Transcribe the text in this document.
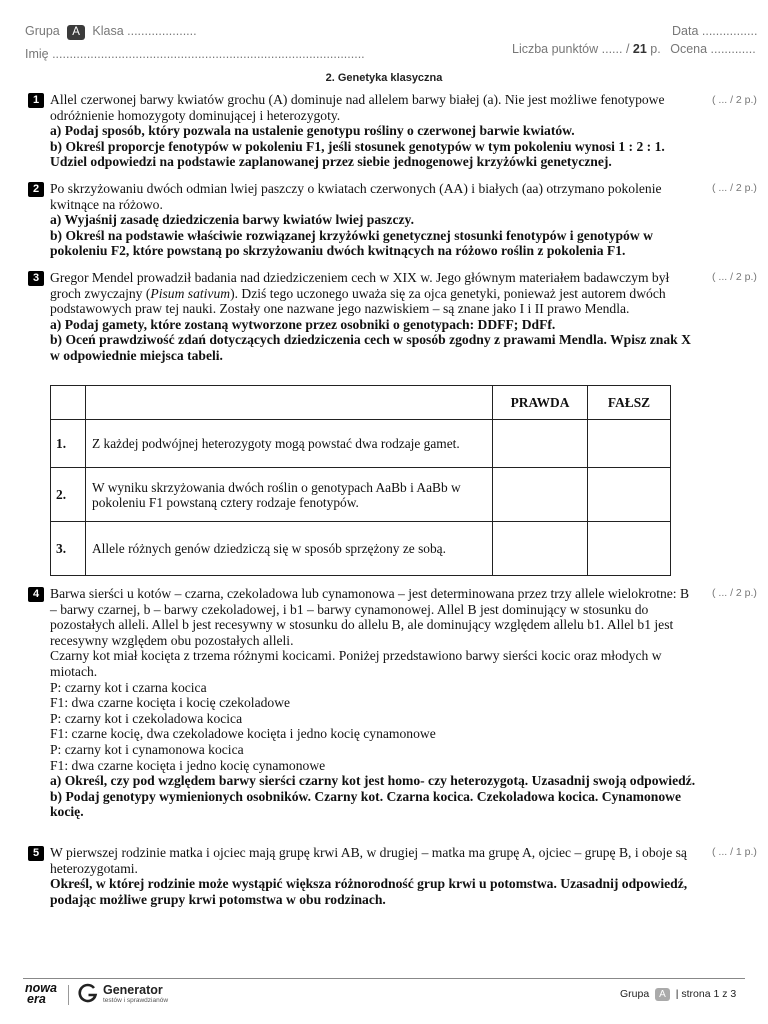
Grupa A Klasa ....................
Imię ..........................................................................................
Data ................
Liczba punktów ...... / 21 p. Ocena .............
2. Genetyka klasyczna
1 Allel czerwonej barwy kwiatów grochu (A) dominuje nad allelem barwy białej (a). Nie jest możliwe fenotypowe odróżnienie homozygoty dominującej i heterozygoty.

a) Podaj sposób, który pozwala na ustalenie genotypu rośliny o czerwonej barwie kwiatów.

b) Określ proporcje fenotypów w pokoleniu F1, jeśli stosunek genotypów w tym pokoleniu wynosi 1 : 2 : 1. Udziel odpowiedzi na podstawie zaplanowanej przez siebie jednogenowej krzyżówki genetycznej.

( ... / 2 p.)
2 Po skrzyżowaniu dwóch odmian lwiej paszczy o kwiatach czerwonych (AA) i białych (aa) otrzymano pokolenie kwitnące na różowo.

a) Wyjaśnij zasadę dziedziczenia barwy kwiatów lwiej paszczy.

b) Określ na podstawie właściwie rozwiązanej krzyżówki genetycznej stosunki fenotypów i genotypów w pokoleniu F2, które powstaną po skrzyżowaniu dwóch kwitnących na różowo roślin z pokolenia F1.

( ... / 2 p.)
3 Gregor Mendel prowadził badania nad dziedziczeniem cech w XIX w. Jego głównym materiałem badawczym był groch zwyczajny (Pisum sativum). Dziś tego uczonego uważa się za ojca genetyki, ponieważ jest autorem dwóch podstawowych praw tej nauki. Zostały one nazwane jego nazwiskiem – są znane jako I i II prawo Mendla.

a) Podaj gamety, które zostaną wytworzone przez osobniki o genotypach: DDFF; DdFf.

b) Oceń prawdziwość zdań dotyczących dziedziczenia cech w sposób zgodny z prawami Mendla. Wpisz znak X w odpowiednie miejsca tabeli.

( ... / 2 p.)
		PRAWDA	FAŁSZ
1.	Z każdej podwójnej heterozygoty mogą powstać dwa rodzaje gamet.		
2.	W wyniku skrzyżowania dwóch roślin o genotypach AaBb i AaBb w pokoleniu F1 powstaną cztery rodzaje fenotypów.		
3.	Allele różnych genów dziedziczą się w sposób sprzężony ze sobą.		
4 Barwa sierści u kotów – czarna, czekoladowa lub cynamonowa – jest determinowana przez trzy allele wielokrotne: B – barwy czarnej, b – barwy czekoladowej, i b1 – barwy cynamonowej. Allel B jest dominujący w stosunku do pozostałych alleli. Allel b jest recesywny w stosunku do allelu B, ale dominujący względem allelu b1. Allel b1 jest recesywny względem obu pozostałych alleli.

Czarny kot miał kocięta z trzema różnymi kocicami. Poniżej przedstawiono barwy sierści kocic oraz młodych w miotach.

P: czarny kot i czarna kocica

F1: dwa czarne kocięta i kocię czekoladowe

P: czarny kot i czekoladowa kocica

F1: czarne kocię, dwa czekoladowe kocięta i jedno kocię cynamonowe

P: czarny kot i cynamonowa kocica

F1: dwa czarne kocięta i jedno kocię cynamonowe

a) Określ, czy pod względem barwy sierści czarny kot jest homo- czy heterozygotą. Uzasadnij swoją odpowiedź.

b) Podaj genotypy wymienionych osobników. Czarny kot. Czarna kocica. Czekoladowa kocica. Cynamonowe kocię.

( ... / 2 p.)
5 W pierwszej rodzinie matka i ojciec mają grupę krwi AB, w drugiej – matka ma grupę A, ojciec – grupę B, i oboje są heterozygotami.

Określ, w której rodzinie może wystąpić większa różnorodność grup krwi u potomstwa. Uzasadnij odpowiedź, podając możliwe grupy krwi potomstwa w obu rodzinach.

( ... / 1 p.)
nowa
era
Generator
testów i sprawdzianów
Grupa A | strona 1 z 3
